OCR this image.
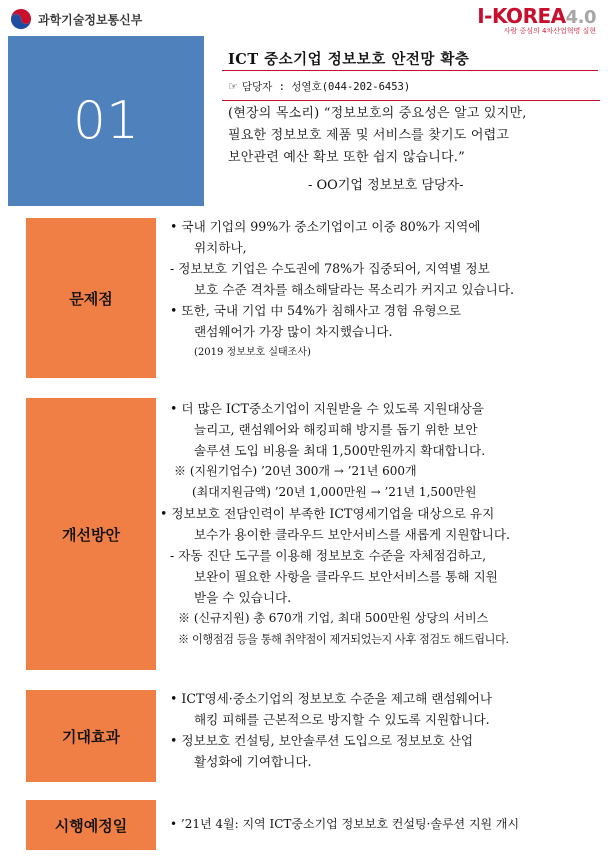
과학기술정보통신부	I-KOREA4.0
사람 중심의 4차산업혁명 실현
01
ICT 중소기업 정보보호 안전망 확충
☞ 담당자 : 성열호(044-202-6453)
(현장의 목소리) “정보보호의 중요성은 알고 있지만,
필요한 정보보호 제품 및 서비스를 찾기도 어렵고
보안관련 예산 확보 또한 쉽지 않습니다.”
- OO기업 정보보호 담당자-
문제점
• 국내 기업의 99%가 중소기업이고 이중 80%가 지역에
위치하나,
- 정보보호 기업은 수도권에 78%가 집중되어, 지역별 정보
보호 수준 격차를 해소해달라는 목소리가 커지고 있습니다.
• 또한, 국내 기업 中 54%가 침해사고 경험 유형으로
랜섬웨어가 가장 많이 차지했습니다.
(2019 정보보호 실태조사)
개선방안
• 더 많은 ICT중소기업이 지원받을 수 있도록 지원대상을
늘리고, 랜섬웨어와 해킹피해 방지를 돕기 위한 보안
솔루션 도입 비용을 최대 1,500만원까지 확대합니다.
※ (지원기업수) ’20년 300개 → ’21년 600개
(최대지원금액) ’20년 1,000만원 → ’21년 1,500만원
• 정보보호 전담인력이 부족한 ICT영세기업을 대상으로 유지
보수가 용이한 클라우드 보안서비스를 새롭게 지원합니다.
- 자동 진단 도구를 이용해 정보보호 수준을 자체점검하고,
보완이 필요한 사항을 클라우드 보안서비스를 통해 지원
받을 수 있습니다.
※ (신규지원) 총 670개 기업, 최대 500만원 상당의 서비스
※ 이행점검 등을 통해 취약점이 제거되었는지 사후 점검도 해드립니다.
기대효과
• ICT영세·중소기업의 정보보호 수준을 제고해 랜섬웨어나
해킹 피해를 근본적으로 방지할 수 있도록 지원합니다.
• 정보보호 컨설팅, 보안솔루션 도입으로 정보보호 산업
활성화에 기여합니다.
시행예정일	• ’21년 4월: 지역 ICT중소기업 정보보호 컨설팅·솔루션 지원 개시
